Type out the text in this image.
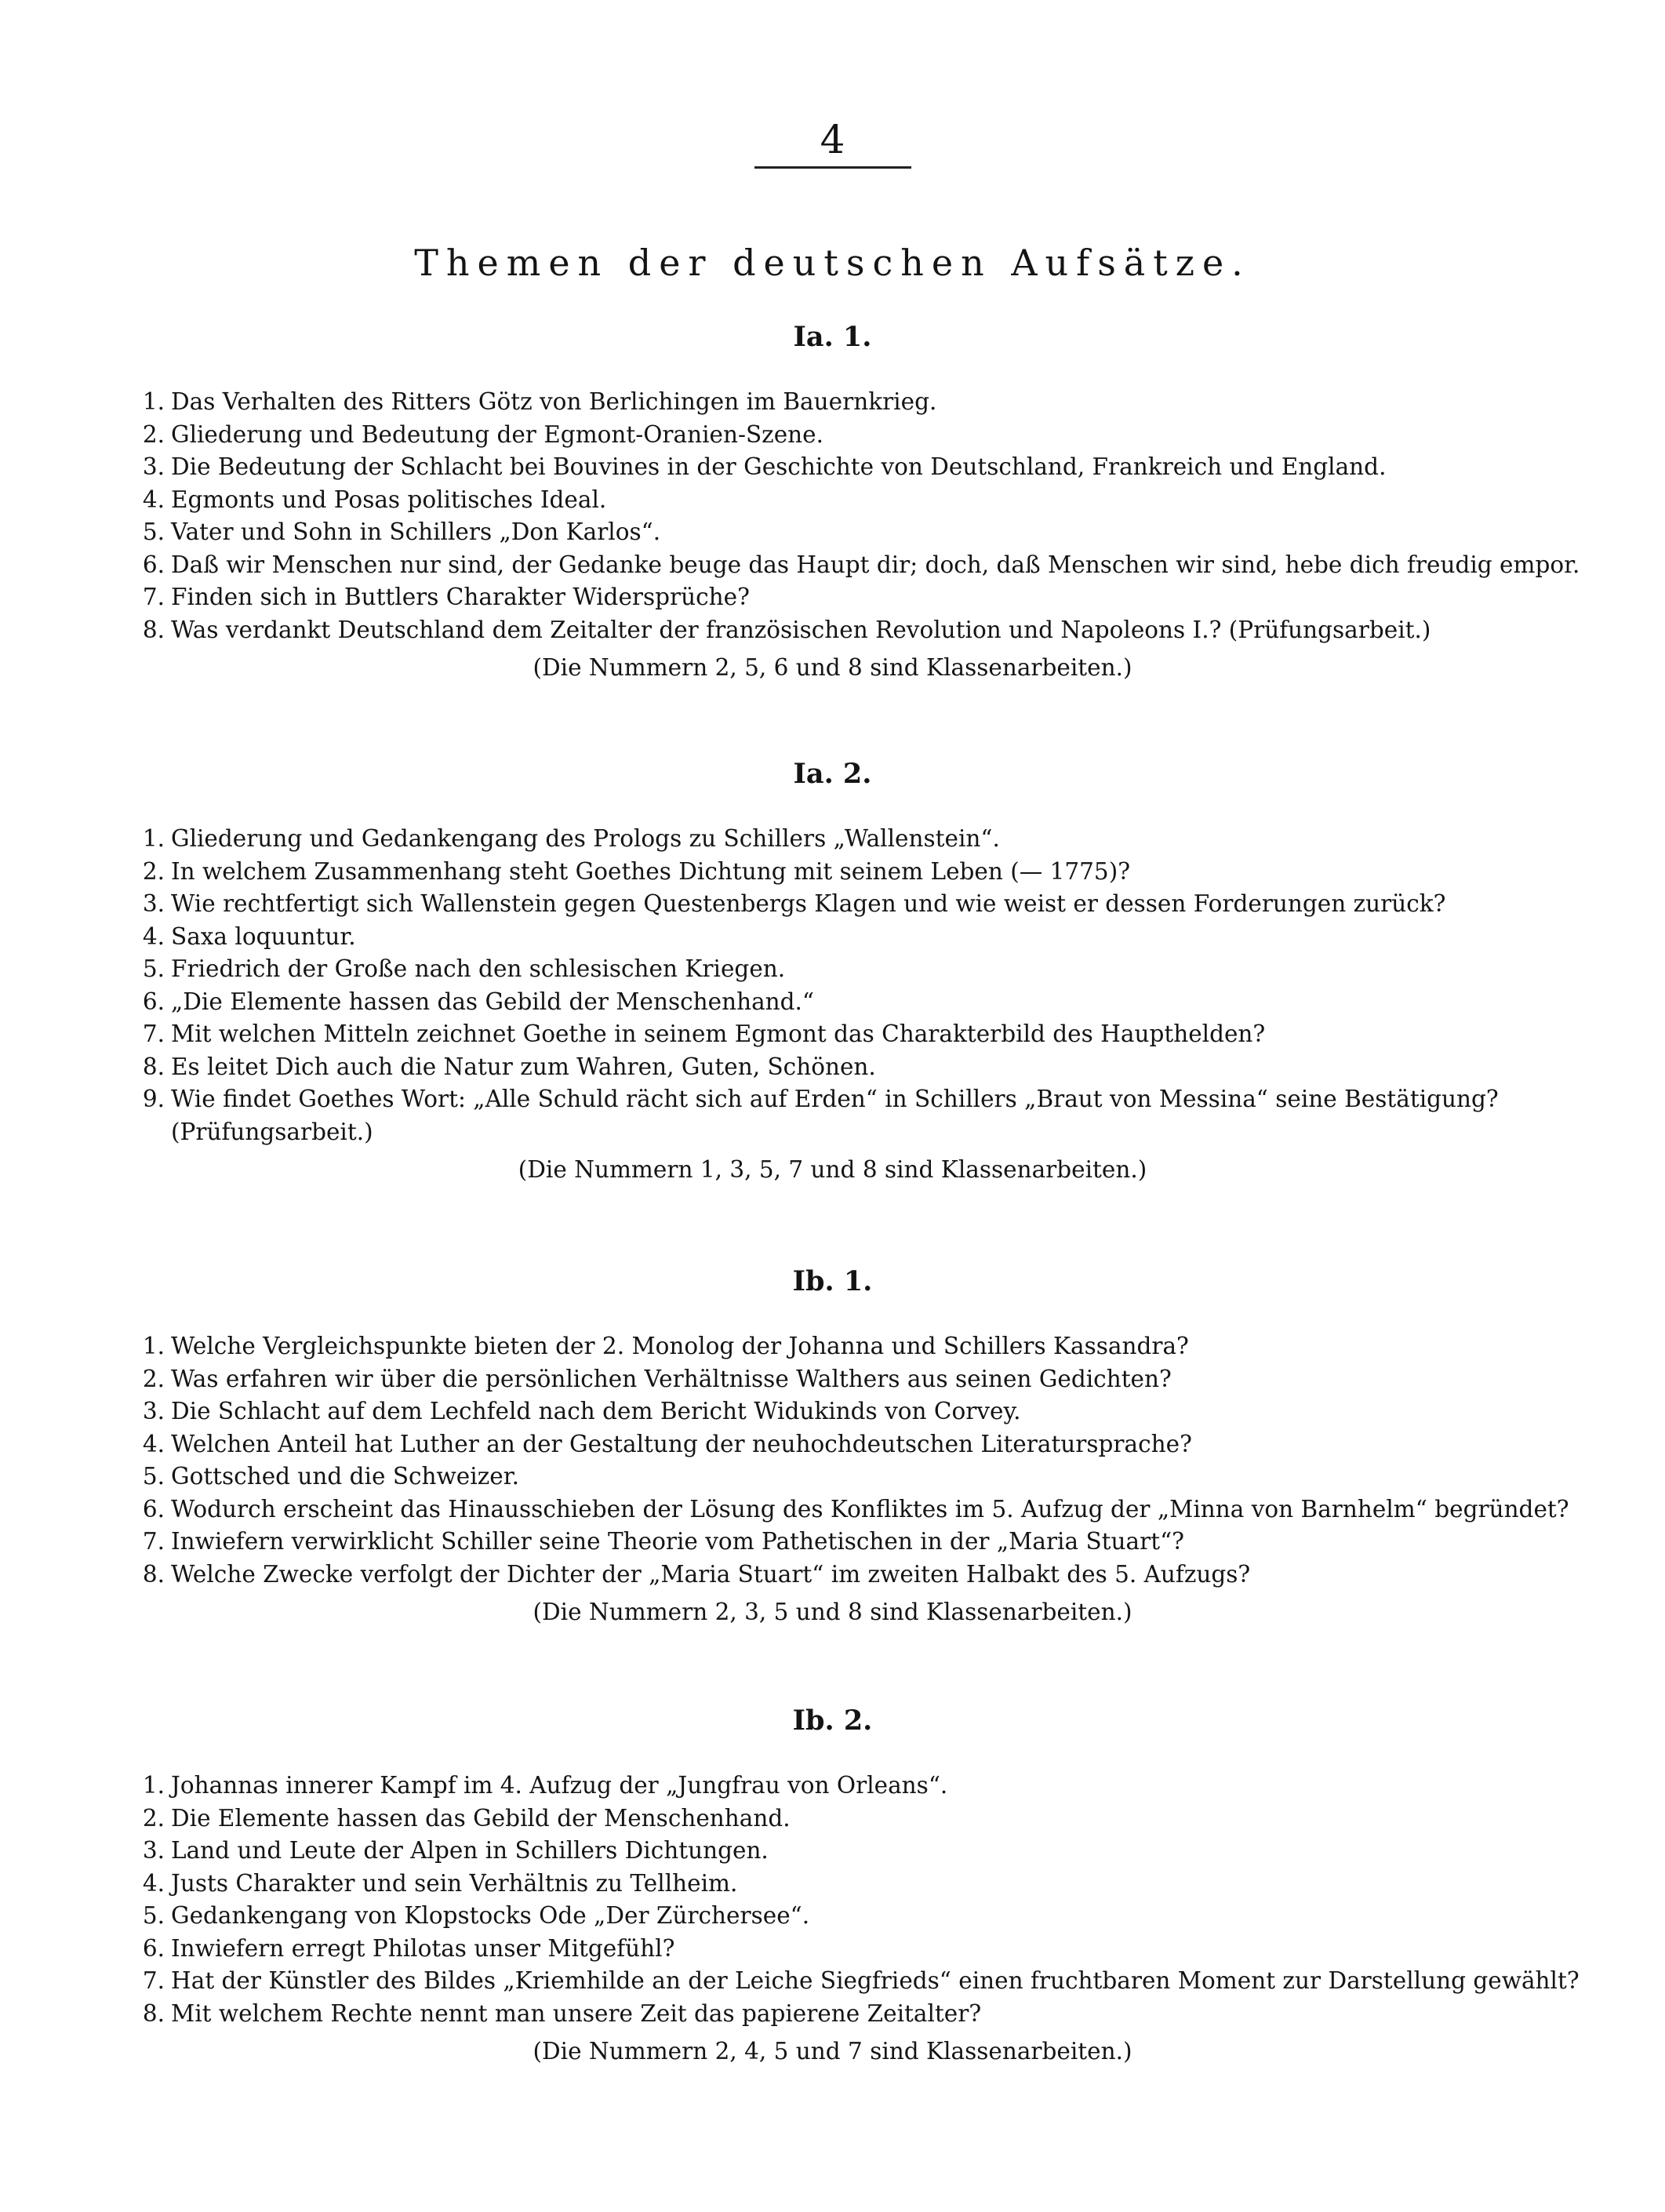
4
Themen der deutschen Aufsätze.
Ia. 1.
1. Das Verhalten des Ritters Götz von Berlichingen im Bauernkrieg.
2. Gliederung und Bedeutung der Egmont-Oranien-Szene.
3. Die Bedeutung der Schlacht bei Bouvines in der Geschichte von Deutschland, Frankreich und England.
4. Egmonts und Posas politisches Ideal.
5. Vater und Sohn in Schillers „Don Karlos“.
6. Daß wir Menschen nur sind, der Gedanke beuge das Haupt dir; doch, daß Menschen wir sind, hebe dich freudig empor.
7. Finden sich in Buttlers Charakter Widersprüche?
8. Was verdankt Deutschland dem Zeitalter der französischen Revolution und Napoleons I.? (Prüfungsarbeit.)
(Die Nummern 2, 5, 6 und 8 sind Klassenarbeiten.)
Ia. 2.
1. Gliederung und Gedankengang des Prologs zu Schillers „Wallenstein“.
2. In welchem Zusammenhang steht Goethes Dichtung mit seinem Leben (— 1775)?
3. Wie rechtfertigt sich Wallenstein gegen Questenbergs Klagen und wie weist er dessen Forderungen zurück?
4. Saxa loquuntur.
5. Friedrich der Große nach den schlesischen Kriegen.
6. „Die Elemente hassen das Gebild der Menschenhand.“
7. Mit welchen Mitteln zeichnet Goethe in seinem Egmont das Charakterbild des Haupthelden?
8. Es leitet Dich auch die Natur zum Wahren, Guten, Schönen.
9. Wie findet Goethes Wort: „Alle Schuld rächt sich auf Erden“ in Schillers „Braut von Messina“ seine Bestätigung?
(Prüfungsarbeit.)
(Die Nummern 1, 3, 5, 7 und 8 sind Klassenarbeiten.)
Ib. 1.
1. Welche Vergleichspunkte bieten der 2. Monolog der Johanna und Schillers Kassandra?
2. Was erfahren wir über die persönlichen Verhältnisse Walthers aus seinen Gedichten?
3. Die Schlacht auf dem Lechfeld nach dem Bericht Widukinds von Corvey.
4. Welchen Anteil hat Luther an der Gestaltung der neuhochdeutschen Literatursprache?
5. Gottsched und die Schweizer.
6. Wodurch erscheint das Hinausschieben der Lösung des Konfliktes im 5. Aufzug der „Minna von Barnhelm“ begründet?
7. Inwiefern verwirklicht Schiller seine Theorie vom Pathetischen in der „Maria Stuart“?
8. Welche Zwecke verfolgt der Dichter der „Maria Stuart“ im zweiten Halbakt des 5. Aufzugs?
(Die Nummern 2, 3, 5 und 8 sind Klassenarbeiten.)
Ib. 2.
1. Johannas innerer Kampf im 4. Aufzug der „Jungfrau von Orleans“.
2. Die Elemente hassen das Gebild der Menschenhand.
3. Land und Leute der Alpen in Schillers Dichtungen.
4. Justs Charakter und sein Verhältnis zu Tellheim.
5. Gedankengang von Klopstocks Ode „Der Zürchersee“.
6. Inwiefern erregt Philotas unser Mitgefühl?
7. Hat der Künstler des Bildes „Kriemhilde an der Leiche Siegfrieds“ einen fruchtbaren Moment zur Darstellung gewählt?
8. Mit welchem Rechte nennt man unsere Zeit das papierene Zeitalter?
(Die Nummern 2, 4, 5 und 7 sind Klassenarbeiten.)
